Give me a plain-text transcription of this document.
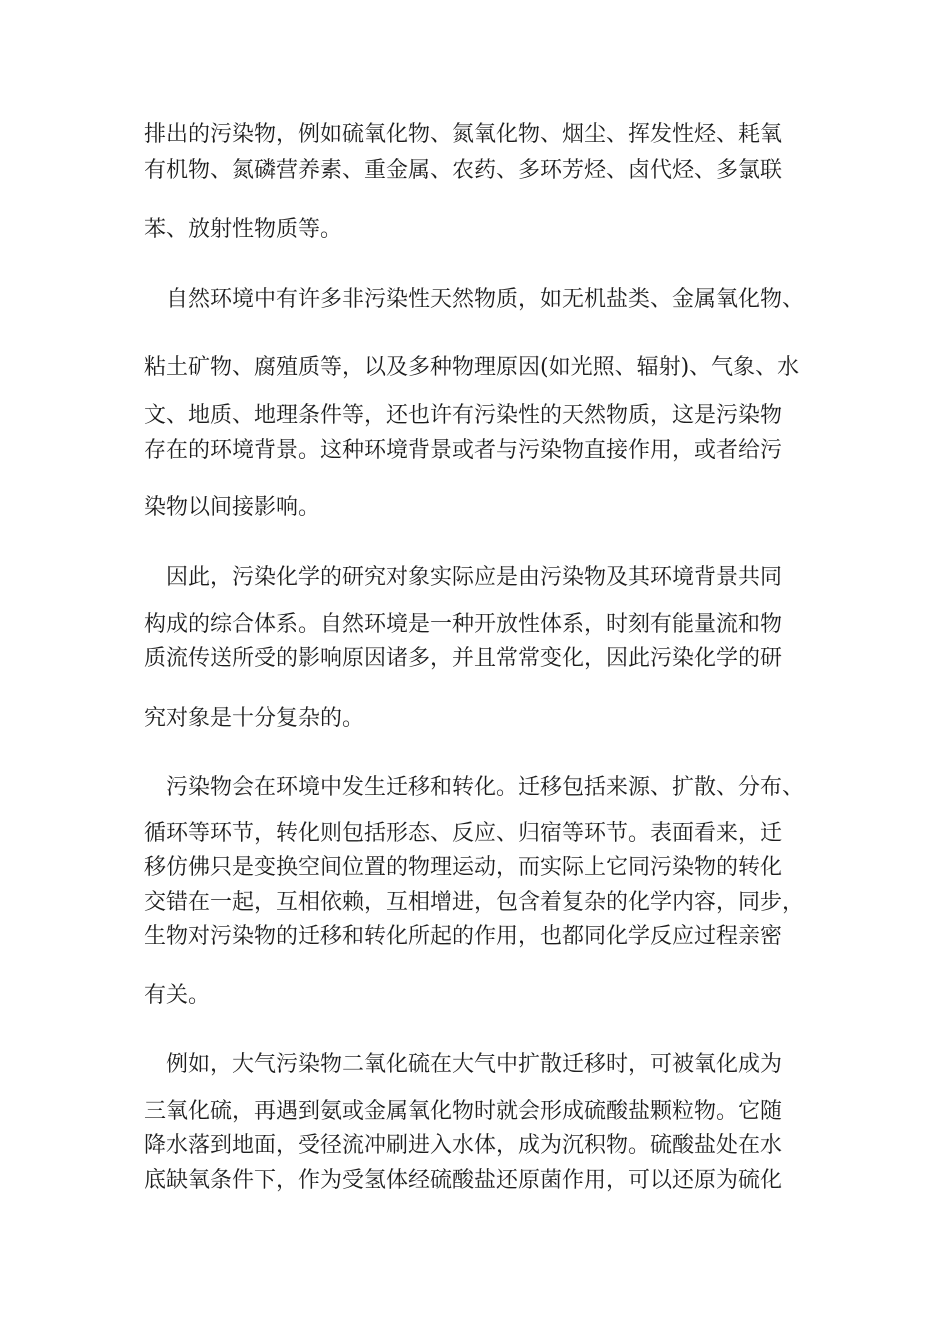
排出的污染物，例如硫氧化物、氮氧化物、烟尘、挥发性烃、耗氧

有机物、氮磷营养素、重金属、农药、多环芳烃、卤代烃、多氯联

苯、放射性物质等。

自然环境中有许多非污染性天然物质，如无机盐类、金属氧化物、

粘土矿物、腐殖质等，以及多种物理原因(如光照、辐射)、气象、水

文、地质、地理条件等，还也许有污染性的天然物质，这是污染物

存在的环境背景。这种环境背景或者与污染物直接作用，或者给污

染物以间接影响。

因此，污染化学的研究对象实际应是由污染物及其环境背景共同

构成的综合体系。自然环境是一种开放性体系，时刻有能量流和物

质流传送所受的影响原因诸多，并且常常变化，因此污染化学的研

究对象是十分复杂的。

污染物会在环境中发生迁移和转化。迁移包括来源、扩散、分布、

循环等环节，转化则包括形态、反应、归宿等环节。表面看来，迁

移仿佛只是变换空间位置的物理运动，而实际上它同污染物的转化

交错在一起，互相依赖，互相增进，包含着复杂的化学内容，同步，

生物对污染物的迁移和转化所起的作用，也都同化学反应过程亲密

有关。

例如，大气污染物二氧化硫在大气中扩散迁移时，可被氧化成为

三氧化硫，再遇到氨或金属氧化物时就会形成硫酸盐颗粒物。它随

降水落到地面，受径流冲刷进入水体，成为沉积物。硫酸盐处在水

底缺氧条件下，作为受氢体经硫酸盐还原菌作用，可以还原为硫化
